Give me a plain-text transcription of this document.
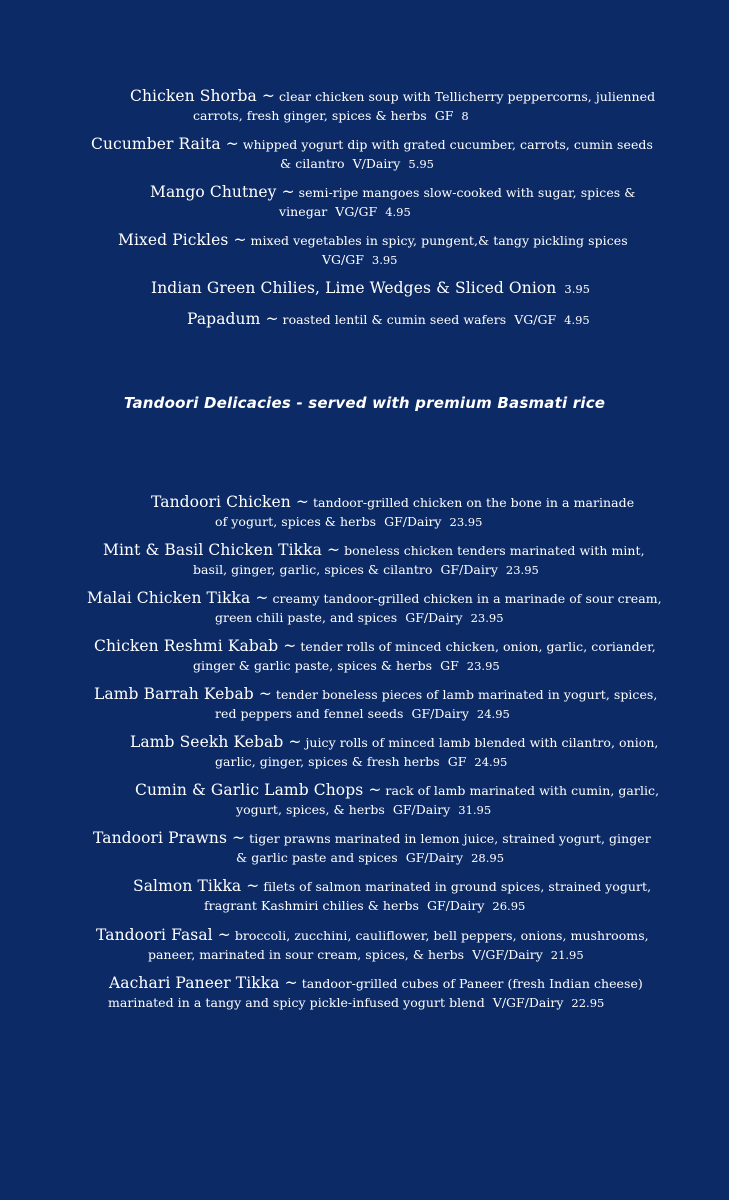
Chicken Shorba ~ clear chicken soup with Tellicherry peppercorns, julienned
carrots, fresh ginger, spices & herbs GF 8
Cucumber Raita ~ whipped yogurt dip with grated cucumber, carrots, cumin seeds
& cilantro V/Dairy 5.95
Mango Chutney ~ semi-ripe mangoes slow-cooked with sugar, spices &
vinegar VG/GF 4.95
Mixed Pickles ~ mixed vegetables in spicy, pungent,& tangy pickling spices
VG/GF 3.95
Indian Green Chilies, Lime Wedges & Sliced Onion 3.95
Papadum ~ roasted lentil & cumin seed wafers VG/GF 4.95
Tandoori Delicacies - served with premium Basmati rice
Tandoori Chicken ~ tandoor-grilled chicken on the bone in a marinade
of yogurt, spices & herbs GF/Dairy 23.95
Mint & Basil Chicken Tikka ~ boneless chicken tenders marinated with mint,
basil, ginger, garlic, spices & cilantro GF/Dairy 23.95
Malai Chicken Tikka ~ creamy tandoor-grilled chicken in a marinade of sour cream,
green chili paste, and spices GF/Dairy 23.95
Chicken Reshmi Kabab ~ tender rolls of minced chicken, onion, garlic, coriander,
ginger & garlic paste, spices & herbs GF 23.95
Lamb Barrah Kebab ~ tender boneless pieces of lamb marinated in yogurt, spices,
red peppers and fennel seeds GF/Dairy 24.95
Lamb Seekh Kebab ~ juicy rolls of minced lamb blended with cilantro, onion,
garlic, ginger, spices & fresh herbs GF 24.95
Cumin & Garlic Lamb Chops ~ rack of lamb marinated with cumin, garlic,
yogurt, spices, & herbs GF/Dairy 31.95
Tandoori Prawns ~ tiger prawns marinated in lemon juice, strained yogurt, ginger
& garlic paste and spices GF/Dairy 28.95
Salmon Tikka ~ filets of salmon marinated in ground spices, strained yogurt,
fragrant Kashmiri chilies & herbs GF/Dairy 26.95
Tandoori Fasal ~ broccoli, zucchini, cauliflower, bell peppers, onions, mushrooms,
paneer, marinated in sour cream, spices, & herbs V/GF/Dairy 21.95
Aachari Paneer Tikka ~ tandoor-grilled cubes of Paneer (fresh Indian cheese)
marinated in a tangy and spicy pickle-infused yogurt blend V/GF/Dairy 22.95
